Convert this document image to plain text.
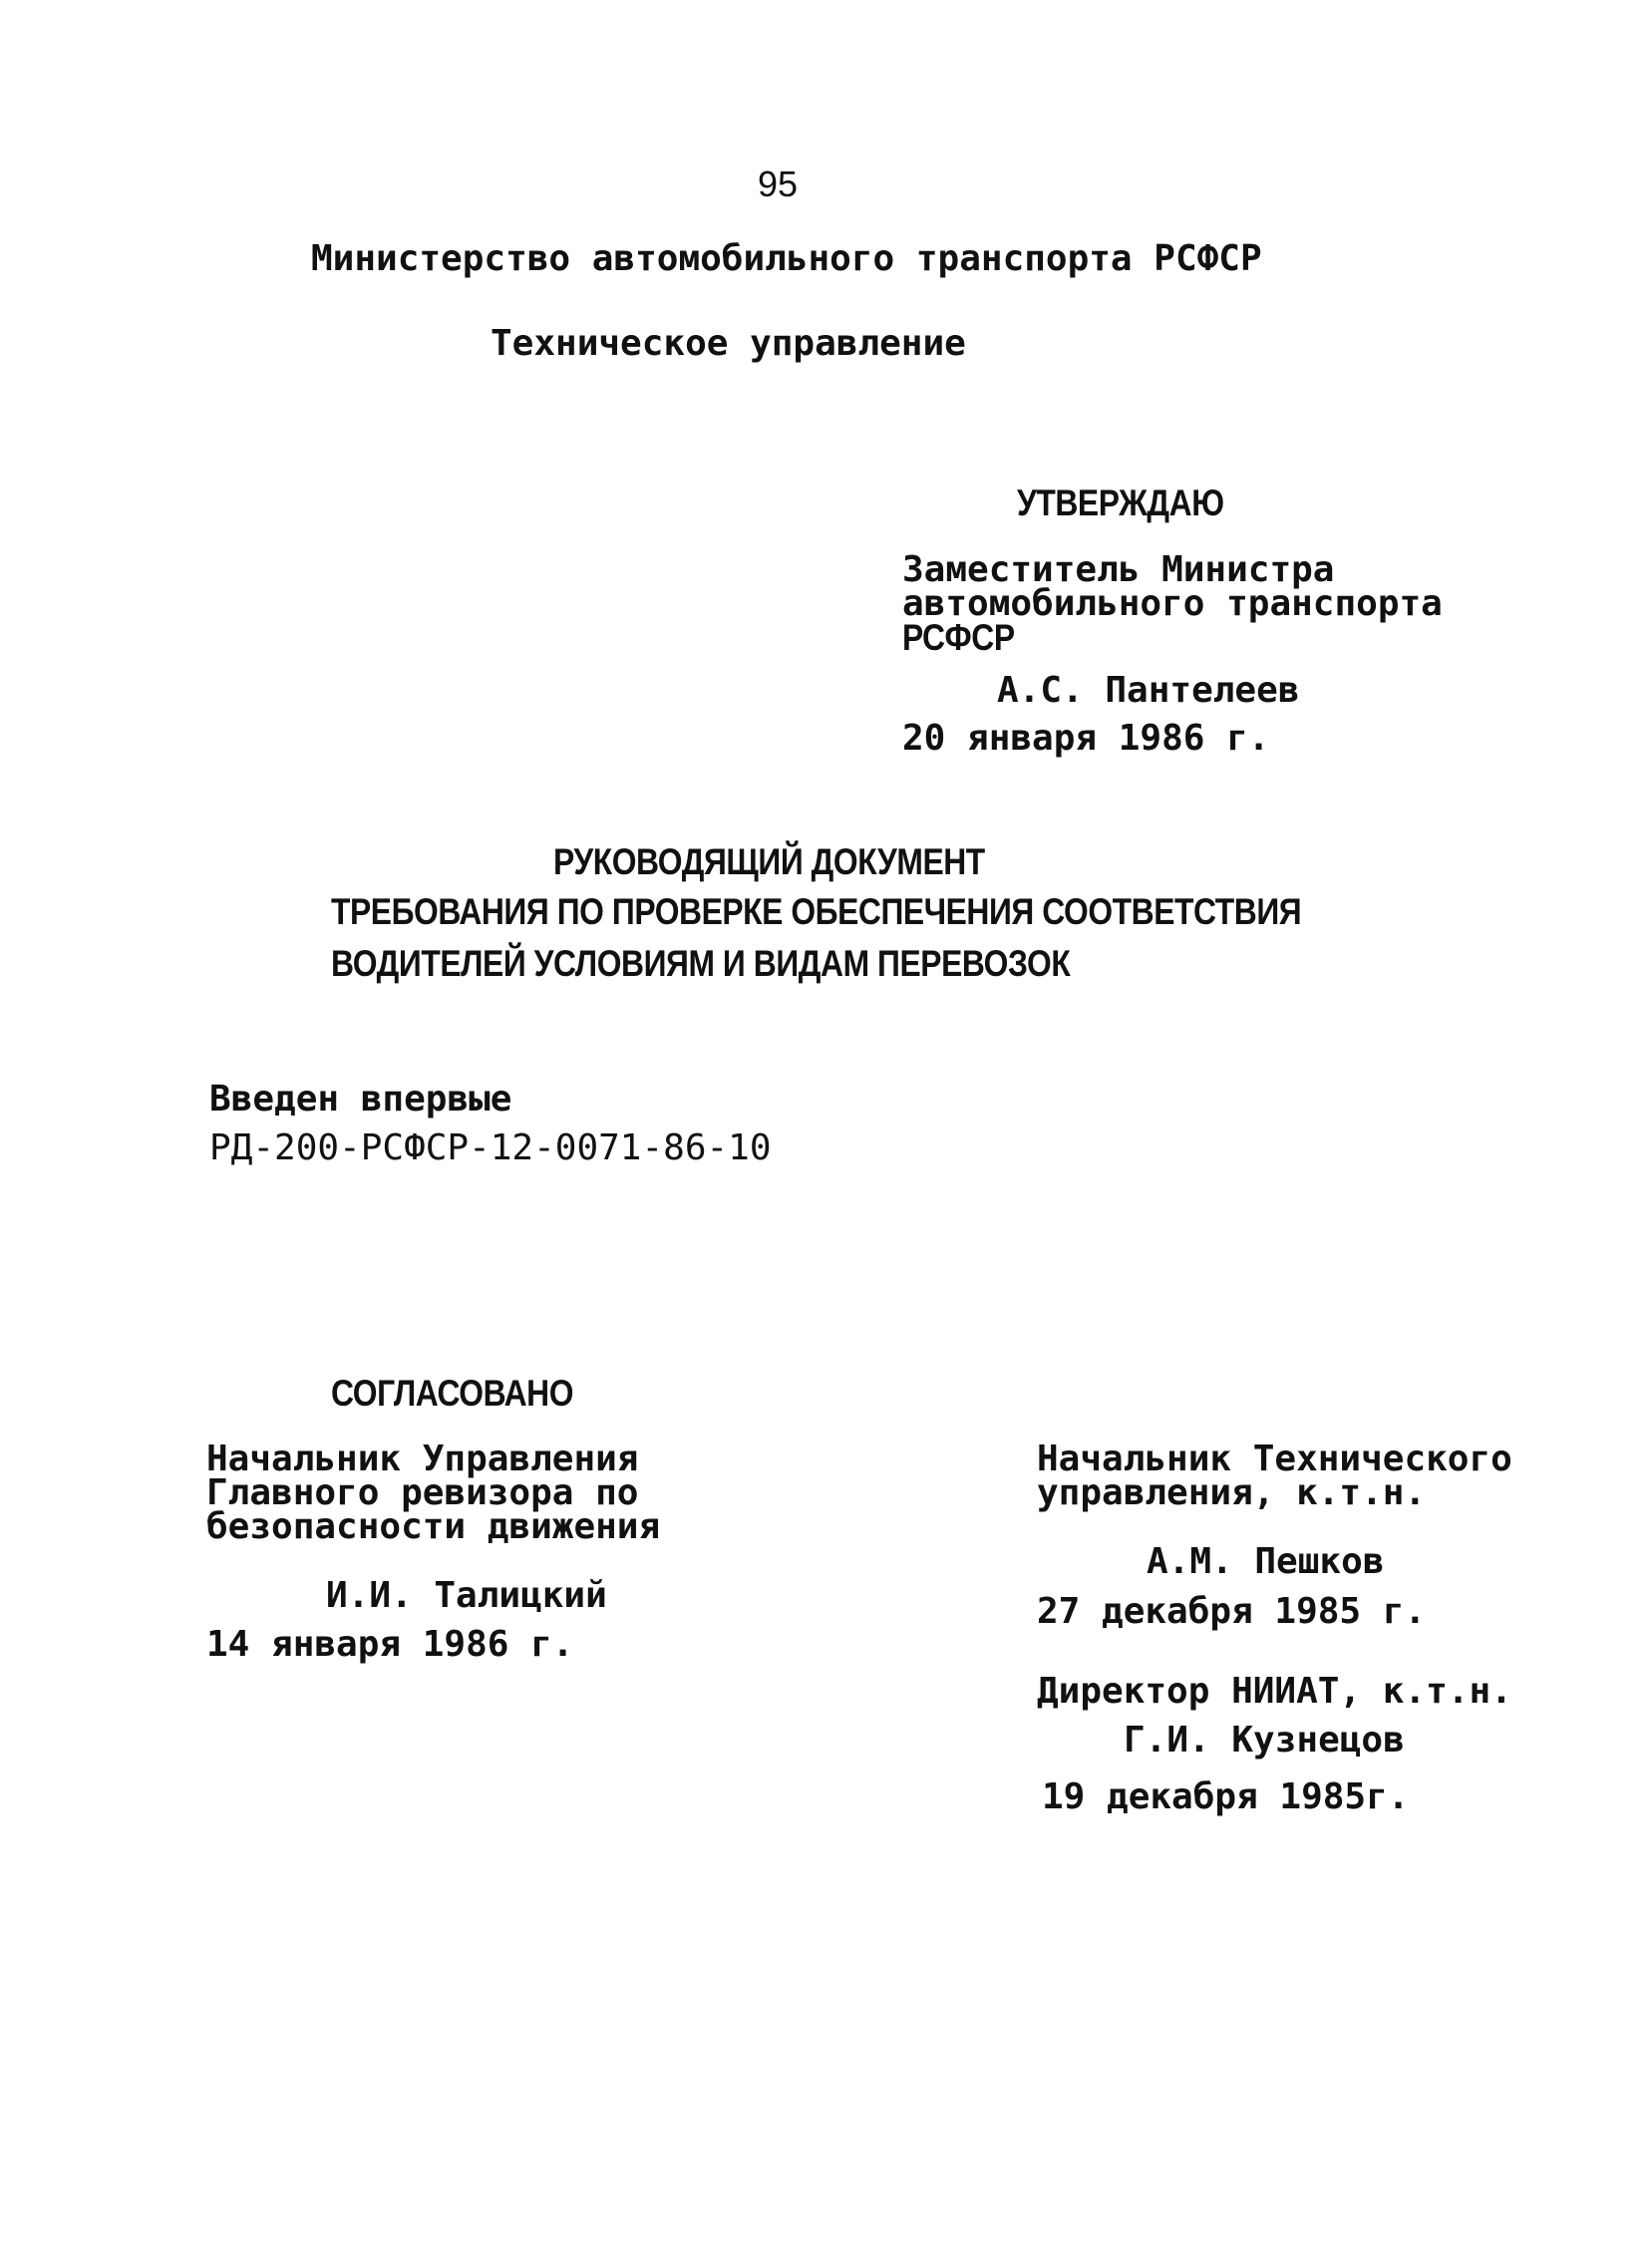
95
Министерство автомобильного транспорта РСФСР
Техническое управление
УТВЕРЖДАЮ
Заместитель Министра
автомобильного транспорта
РСФСР
А.С. Пантелеев
20 января 1986 г.
РУКОВОДЯЩИЙ ДОКУМЕНТ
ТРЕБОВАНИЯ ПО ПРОВЕРКЕ ОБЕСПЕЧЕНИЯ СООТВЕТСТВИЯ
ВОДИТЕЛЕЙ УСЛОВИЯМ И ВИДАМ ПЕРЕВОЗОК
Введен впервые
РД-200-РСФСР-12-0071-86-10
СОГЛАСОВАНО
Начальник Управления
Главного ревизора по
безопасности движения
И.И. Талицкий
14 января 1986 г.
Начальник Технического
управления, к.т.н.
А.М. Пешков
27 декабря 1985 г.
Директор НИИАТ, к.т.н.
Г.И. Кузнецов
19 декабря 1985г.
